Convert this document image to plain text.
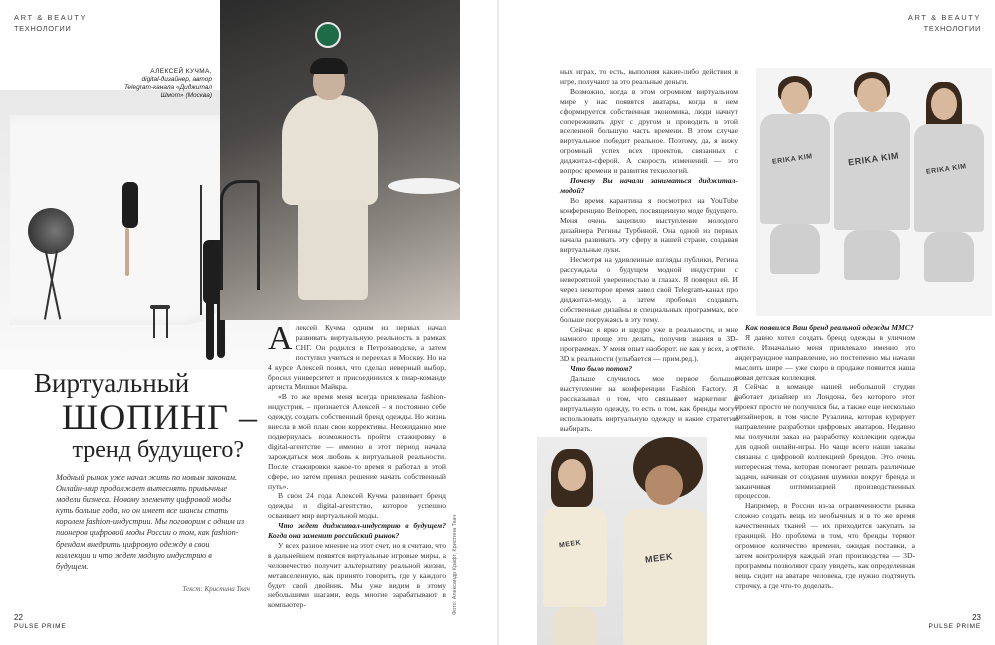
ART & BEAUTY
ТЕХНОЛОГИИ
ART & BEAUTY
ТЕХНОЛОГИИ
АЛЕКСЕЙ КУЧМА,
digital-дизайнер, автор Telegram-канала «Диджитал Шмот» (Москва)
Виртуальный
ШОПИНГ –
тренд будущего?
Модный рынок уже начал жить по новым законам. Онлайн-мир продолжает вытеснять привычные модели бизнеса. Новому элементу цифровой моды куть больше года, но он имеет все шансы стать королем fashion-индустрии. Мы поговорим с одним из пионеров цифровой моды России о том, как fashion-брендам внедрить цифровую одежду в свои коллекции и что ждет модную индустрию в будущем.
Текст: Кристина Ткач	Фото: Александр Крафт, Кристина Ткач

Алексей Кучма одним из первых начал развивать виртуальную реальность в рамках СНГ. Он родился в Петрозаводске, а затем поступил учиться и переехал в Москву. Но на 4 курсе Алексей понял, что сделал неверный выбор, бросил университет и присоединился к пиар-команде артиста Мишки Майкра.

«В то же время меня всегда привлекала fashion-индустрия, – признается Алексей – я постоянно себе одежду, создать собственный бренд одежды. Но жизнь внесла в мой план свои коррективы. Неожиданно мне подвернулась возможность пройти стажировку в digital-агентстве — именно в этот период начала зарождаться моя любовь к виртуальной реальности. После стажировки какое-то время я работал в этой сфере, но затем принял решение начать собственный путь».

В свои 24 года Алексей Кучма развивает бренд одежды и digital-агентство, которое успешно осваивает мир виртуальной моды.

Что ждет диджитал-индустрию в будущем? Когда она заменит российский рынок?

У всех разное мнение на этот счет, но я считаю, что в дальнейшем появятся виртуальные игровые миры, а человечество получит альтернативу реальной жизни, метавселенную, как принято говорить, где у каждого будет свой двойник. Мы уже видим в этому небольшими шагами, ведь многие зарабатывают в компьютер-

ных играх, то есть, выполняя какие-либо действия в игре, получают за это реальные деньги.

Возможно, когда в этом огромном виртуальном мире у нас появятся аватары, когда в нем сформируется собственная экономика, люди начнут сопереживать друг с другом и проводить в этой вселенной большую часть времени. В этом случае виртуальное победит реальное. Поэтому, да, я вижу огромный успех всех проектов, связанных с диджитал-сферой. А скорость изменений — это вопрос времени и развития технологий.

Почему Вы начали заниматься диджитал-модой?

Во время карантина я посмотрел на YouTube конференцию Beinopen, посвященную моде будущего. Меня очень зацепило выступление молодого дизайнера Регины Турбиной. Она одной из первых начала развивать эту сферу в нашей стране, создавая виртуальные луки.

Несмотря на удивленные взгляды публики, Регина рассуждала о будущем модной индустрии с невероятной уверенностью в глазах. Я поверил ей. И через некоторое время завел свой Telegram-канал про диджитал-моду, а затем пробовал создавать собственные дизайны в специальных программах, все больше погружаясь в эту тему.

Сейчас я ярко и щедро уже в реальности, и мне намного проще это делать, получив знания в 3D-программах. У меня опыт наоборот: не как у всех, а от 3D к реальности (улыбается — прим.ред.).

Что было потом?

Дальше случилось мое первое большое выступление на конференции Fashion Factory. Я рассказывал о том, что связывает маркетинг и виртуальную одежду, то есть о том, как бренды могут использовать виртуальную одежду и какие стратегии выбирать.

ERIKA KIM	ERIKA KIM
ERIKA KIM

Как появился Ваш бренд реальной одежды MMC?

Я давно хотел создать бренд одежды в уличном стиле. Изначально меня привлекало именно это андеграундное направление, но постепенно мы начали мыслить шире — уже скоро в продаже появится наша новая детская коллекция.

Сейчас в команде нашей небольшой студии работает дизайнер из Лондона, без которого этот проект просто не получился бы, а также еще несколько дизайнеров, в том числе Рузалина, которая курирует направление разработки цифровых аватаров. Недавно мы получили заказ на разработку коллекции одежды для одной онлайн-игры. Но чаще всего наши заказы связаны с цифровой коллекцией брендов. Это очень интересная тема, которая помогает решать различные задачи, начиная от создания шумихи вокруг бренда и заканчивая оптимизацией производственных процессов.

Например, в России из-за ограниченности рынка сложно создать вещь из необычных и в то же время качественных тканей — их приходится закупать за границей. Но проблема в том, что бренды теряют огромное количество времени, ожидая поставки, а затем контролируя каждый этап производства — 3D-программы позволяют сразу увидеть, как определенная вещь сидит на аватаре человека, где нужно подтянуть строчку, а где что-то доделать.

MEEK
MEEK
22
PULSE PRIME
23
PULSE PRIME
